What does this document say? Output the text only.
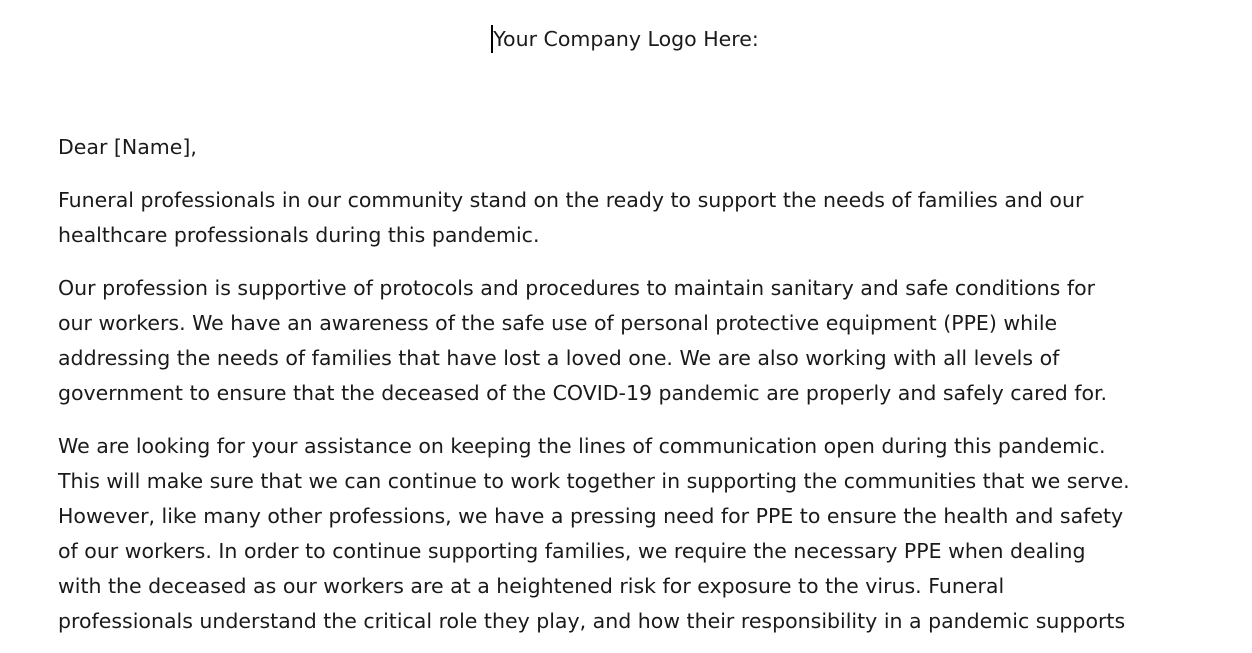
Your Company Logo Here:

Dear [Name],

Funeral professionals in our community stand on the ready to support the needs of families and our
healthcare professionals during this pandemic.

Our profession is supportive of protocols and procedures to maintain sanitary and safe conditions for
our workers. We have an awareness of the safe use of personal protective equipment (PPE) while
addressing the needs of families that have lost a loved one. We are also working with all levels of
government to ensure that the deceased of the COVID-19 pandemic are properly and safely cared for.

We are looking for your assistance on keeping the lines of communication open during this pandemic.
This will make sure that we can continue to work together in supporting the communities that we serve.
However, like many other professions, we have a pressing need for PPE to ensure the health and safety
of our workers. In order to continue supporting families, we require the necessary PPE when dealing
with the deceased as our workers are at a heightened risk for exposure to the virus. Funeral
professionals understand the critical role they play, and how their responsibility in a pandemic supports
